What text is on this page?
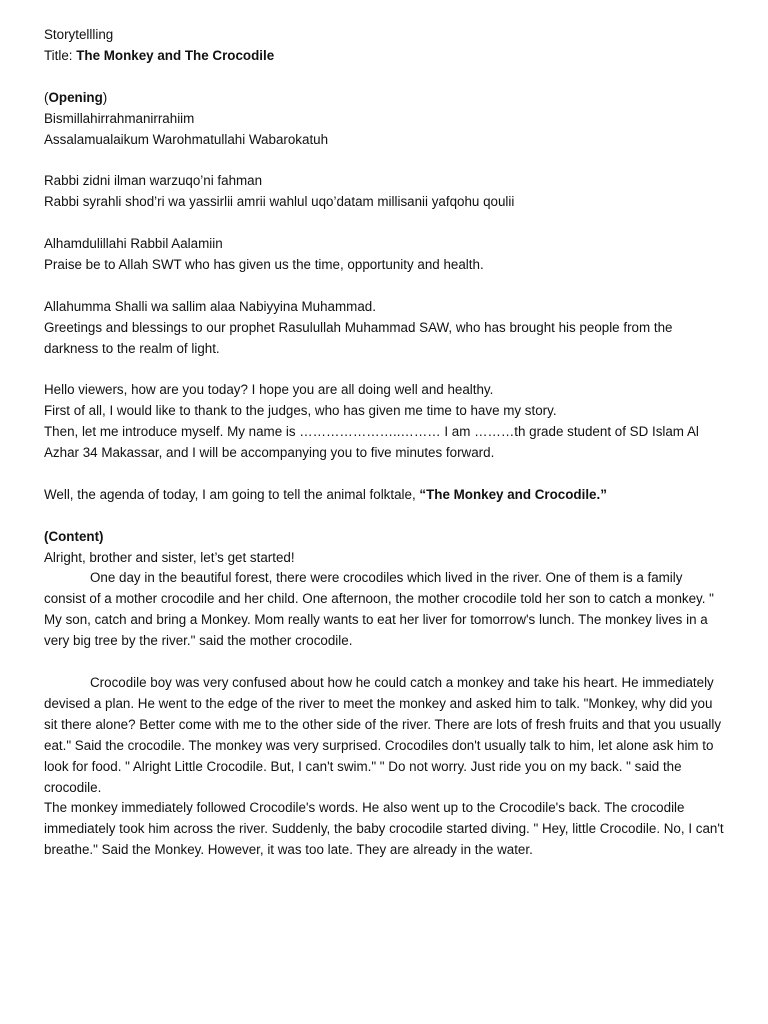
Storytellling

Title: The Monkey and The Crocodile

(Opening)

Bismillahirrahmanirrahiim

Assalamualaikum Warohmatullahi Wabarokatuh

Rabbi zidni ilman warzuqo’ni fahman

Rabbi syrahli shod’ri wa yassirlii amrii wahlul uqo’datam millisanii yafqohu qoulii

Alhamdulillahi Rabbil Aalamiin

Praise be to Allah SWT who has given us the time, opportunity and health.

Allahumma Shalli wa sallim alaa Nabiyyina Muhammad.

Greetings and blessings to our prophet Rasulullah Muhammad SAW, who has brought his people from the darkness to the realm of light.

Hello viewers, how are you today? I hope you are all doing well and healthy.

First of all, I would like to thank to the judges, who has given me time to have my story.

Then, let me introduce myself. My name is …………………..……… I am ………th grade student of SD Islam Al Azhar 34 Makassar, and I will be accompanying you to five minutes forward.

Well, the agenda of today, I am going to tell the animal folktale, “The Monkey and Crocodile.”

(Content)

Alright, brother and sister, let’s get started!

One day in the beautiful forest, there were crocodiles which lived in the river. One of them is a family consist of a mother crocodile and her child. One afternoon, the mother crocodile told her son to catch a monkey. " My son, catch and bring a Monkey. Mom really wants to eat her liver for tomorrow's lunch. The monkey lives in a very big tree by the river." said the mother crocodile.

Crocodile boy was very confused about how he could catch a monkey and take his heart. He immediately devised a plan. He went to the edge of the river to meet the monkey and asked him to talk. "Monkey, why did you sit there alone? Better come with me to the other side of the river. There are lots of fresh fruits and that you usually eat." Said the crocodile. The monkey was very surprised. Crocodiles don't usually talk to him, let alone ask him to look for food. " Alright Little Crocodile. But, I can't swim." " Do not worry. Just ride you on my back. " said the crocodile.

The monkey immediately followed Crocodile's words. He also went up to the Crocodile's back. The crocodile immediately took him across the river. Suddenly, the baby crocodile started diving. " Hey, little Crocodile. No, I can't breathe." Said the Monkey. However, it was too late. They are already in the water.
